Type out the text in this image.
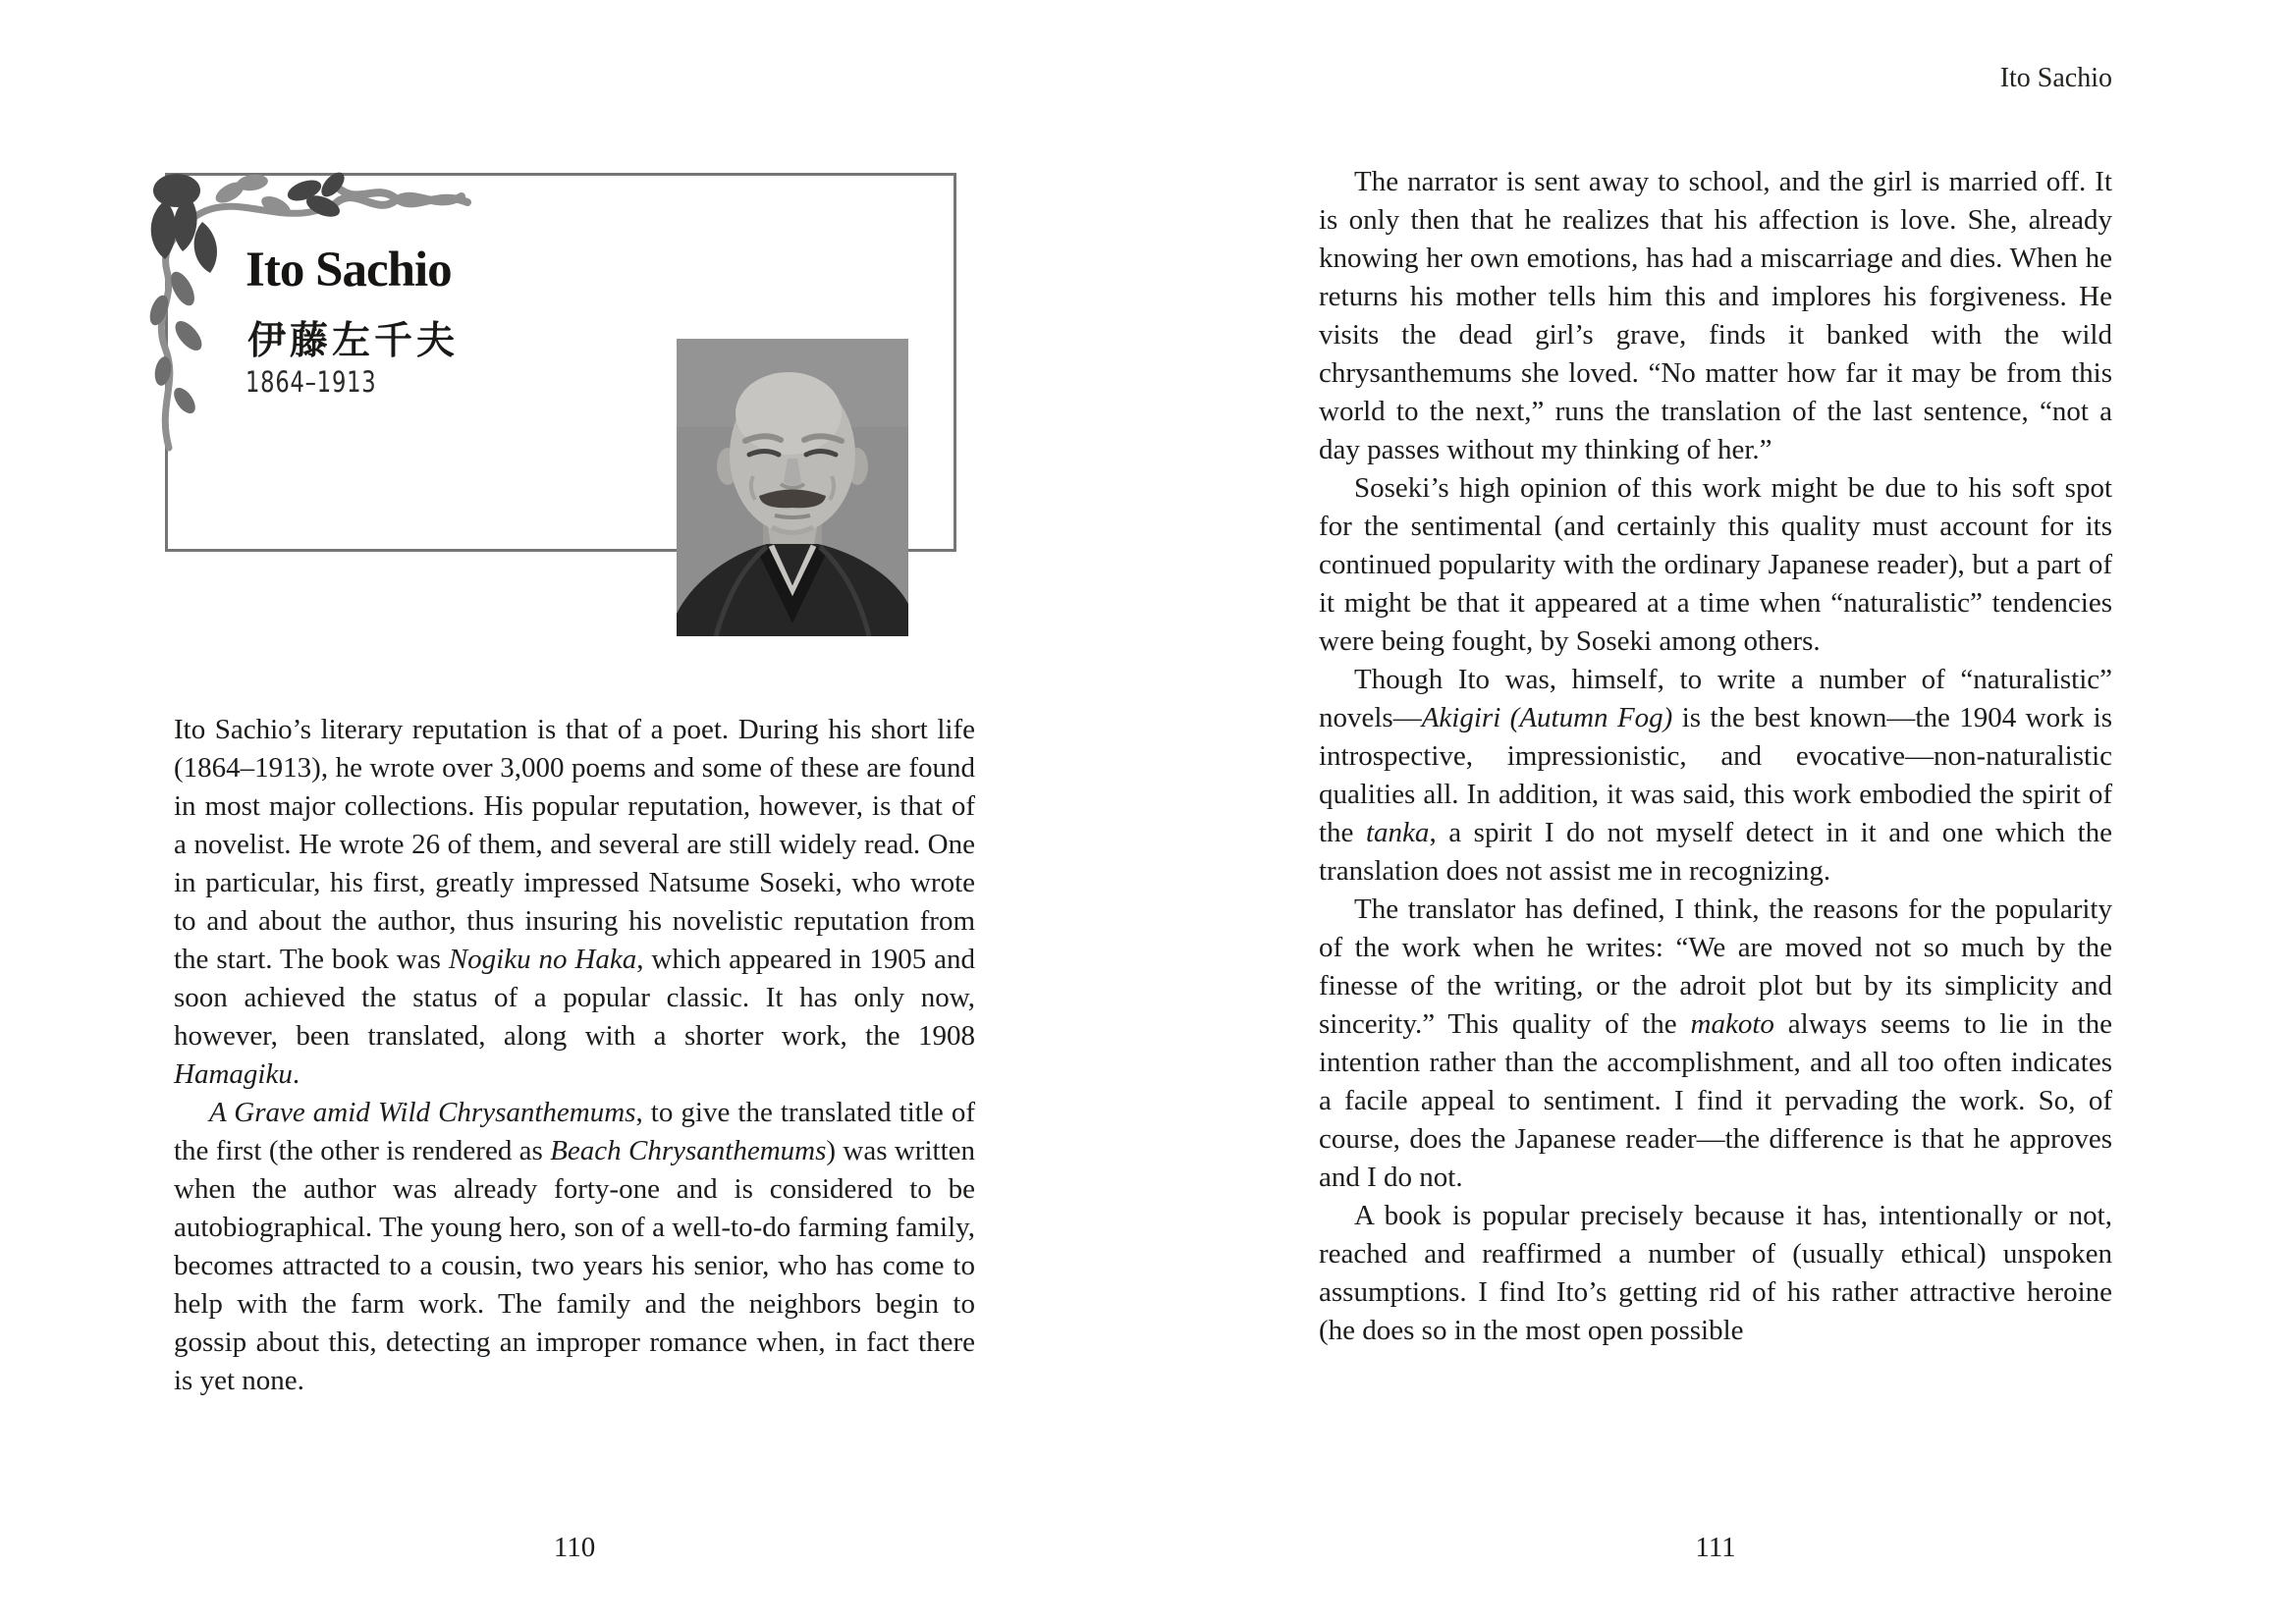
Ito Sachio
伊藤左千夫
1864–1913

Ito Sachio’s literary reputation is that of a poet. During his short life (1864–1913), he wrote over 3,000 poems and some of these are found in most major collections. His popular reputation, however, is that of a novelist. He wrote 26 of them, and several are still widely read. One in particular, his first, greatly impressed Natsume Soseki, who wrote to and about the author, thus insuring his novelistic reputation from the start. The book was Nogiku no Haka, which appeared in 1905 and soon achieved the status of a popular classic. It has only now, however, been translated, along with a shorter work, the 1908 Hamagiku.

A Grave amid Wild Chrysanthemums, to give the translated title of the first (the other is rendered as Beach Chrysanthemums) was written when the author was already forty-one and is considered to be autobiographical. The young hero, son of a well-to-do farming family, becomes attracted to a cousin, two years his senior, who has come to help with the farm work. The family and the neighbors begin to gossip about this, detecting an improper romance when, in fact there is yet none.

110
Ito Sachio

The narrator is sent away to school, and the girl is married off. It is only then that he realizes that his affection is love. She, already knowing her own emotions, has had a miscarriage and dies. When he returns his mother tells him this and implores his forgiveness. He visits the dead girl’s grave, finds it banked with the wild chrysanthemums she loved. “No matter how far it may be from this world to the next,” runs the translation of the last sentence, “not a day passes without my thinking of her.”

Soseki’s high opinion of this work might be due to his soft spot for the sentimental (and certainly this quality must account for its continued popularity with the ordinary Japanese reader), but a part of it might be that it appeared at a time when “naturalistic” tendencies were being fought, by Soseki among others.

Though Ito was, himself, to write a number of “naturalistic” novels—Akigiri (Autumn Fog) is the best known—the 1904 work is introspective, impressionistic, and evocative—non-naturalistic qualities all. In addition, it was said, this work embodied the spirit of the tanka, a spirit I do not myself detect in it and one which the translation does not assist me in recognizing.

The translator has defined, I think, the reasons for the popularity of the work when he writes: “We are moved not so much by the finesse of the writing, or the adroit plot but by its simplicity and sincerity.” This quality of the makoto always seems to lie in the intention rather than the accomplishment, and all too often indicates a facile appeal to sentiment. I find it pervading the work. So, of course, does the Japanese reader—the difference is that he approves and I do not.

A book is popular precisely because it has, intentionally or not, reached and reaffirmed a number of (usually ethical) unspoken assumptions. I find Ito’s getting rid of his rather attractive heroine (he does so in the most open possible

111
